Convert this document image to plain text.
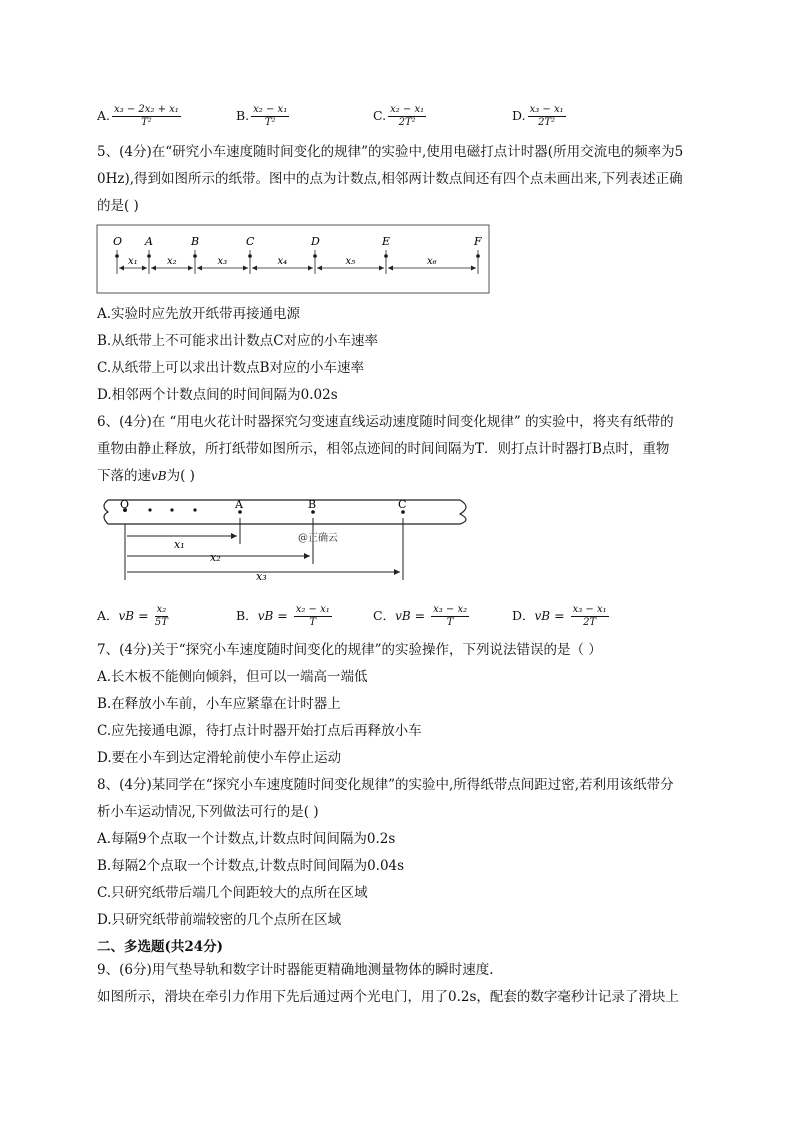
A. $\frac{\text{x₃ − 2x₂ + x₁}}{\text{T²}}$	B. $\frac{\text{x₂ − x₁}}{\text{T²}}$	C. $\frac{\text{x₂ − x₁}}{\text{2T²}}$	D. $\frac{\text{x₃ − x₁}}{\text{2T²}}$
5、(4分)在“研究小车速度随时间变化的规律”的实验中,使用电磁打点计时器(所用交流电的频率为5
0Hz),得到如图所示的纸带。图中的点为计数点,相邻两计数点间还有四个点未画出来,下列表述正确
的是( )
O A	B	C	D	E	F
x₁	x₂	x₃	x₄	x₅	x₆
A.实验时应先放开纸带再接通电源
B.从纸带上不可能求出计数点C对应的小车速率
C.从纸带上可以求出计数点B对应的小车速率
D.相邻两个计数点间的时间间隔为0.02s
6、(4分)在 “用电火花计时器探究匀变速直线运动速度随时间变化规律” 的实验中，将夹有纸带的
重物由静止释放，所打纸带如图所示，相邻点迹间的时间间隔为T．则打点计时器打B点时，重物
下落的速vB为( )
O	A	B	C
x₁
x₂
x₃
@正确云
A．vB = $\frac{\text{x₂}}{5T}$	B．vB = $\frac{\text{x₂ − x₁}}{T}$	C．vB = $\frac{\text{x₃ − x₂}}{T}$	D．vB = $\frac{\text{x₃ − x₁}}{2T}$
7、(4分)关于“探究小车速度随时间变化的规律”的实验操作，下列说法错误的是（ ）
A.长木板不能侧向倾斜，但可以一端高一端低
B.在释放小车前，小车应紧靠在计时器上
C.应先接通电源，待打点计时器开始打点后再释放小车
D.要在小车到达定滑轮前使小车停止运动
8、(4分)某同学在“探究小车速度随时间变化规律”的实验中,所得纸带点间距过密,若利用该纸带分
析小车运动情况,下列做法可行的是( )
A.每隔9个点取一个计数点,计数点时间间隔为0.2s
B.每隔2个点取一个计数点,计数点时间间隔为0.04s
C.只研究纸带后端几个间距较大的点所在区域
D.只研究纸带前端较密的几个点所在区域
二、多选题(共24分)
9、(6分)用气垫导轨和数字计时器能更精确地测量物体的瞬时速度.
如图所示，滑块在牵引力作用下先后通过两个光电门，用了0.2s，配套的数字毫秒计记录了滑块上
